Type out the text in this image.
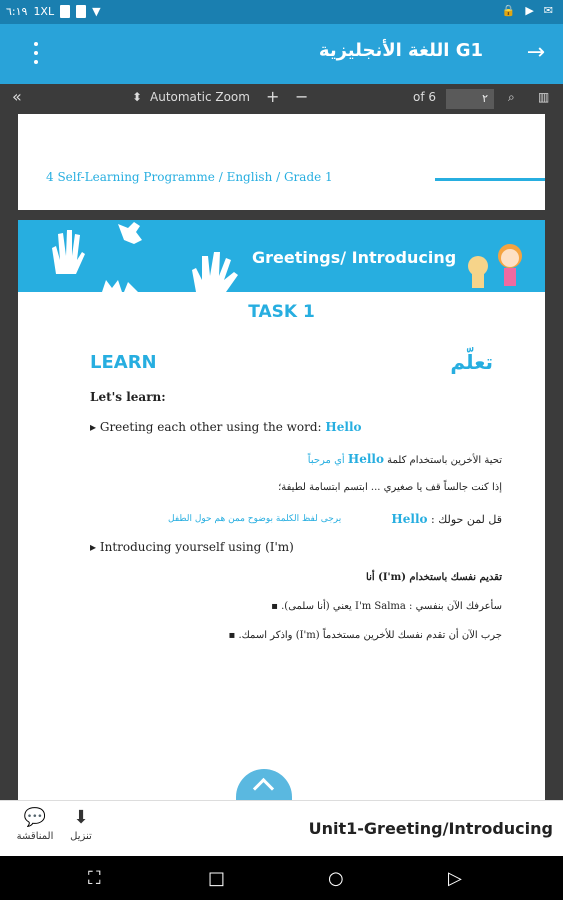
٦:١٩ 1XL	▼	🔒 ▶ ✉
اللغة الأنجليزية G1 →
«	⬍ Automatic Zoom + −	of 6	٢	⌕ ▥
4 Self-Learning Programme / English / Grade 1
Greetings/ Introducing
TASK 1
LEARN	تعلّم
Let's learn:
▸ Greeting each other using the word: Hello
تحية الأخرين باستخدام كلمة Hello أي مرحباً
إذا كنت جالساً قف يا صغيري ... ابتسم ابتسامة لطيفة؛
قل لمن حولك : Hello
يرجى لفظ الكلمة بوضوح ممن هم حول الطفل
▸ Introducing yourself using (I'm)
تقديم نفسك باستخدام (I'm) أنا
سأعرفك الآن بنفسي : I'm Salma يعني (أنا سلمى). ▪
جرب الآن أن تقدم نفسك للأخرين مستخدماً (I'm) واذكر اسمك. ▪
💬
المناقشة
⬇
تنزيل	Unit1-Greeting/Introducing
⛶	□	○	▷
